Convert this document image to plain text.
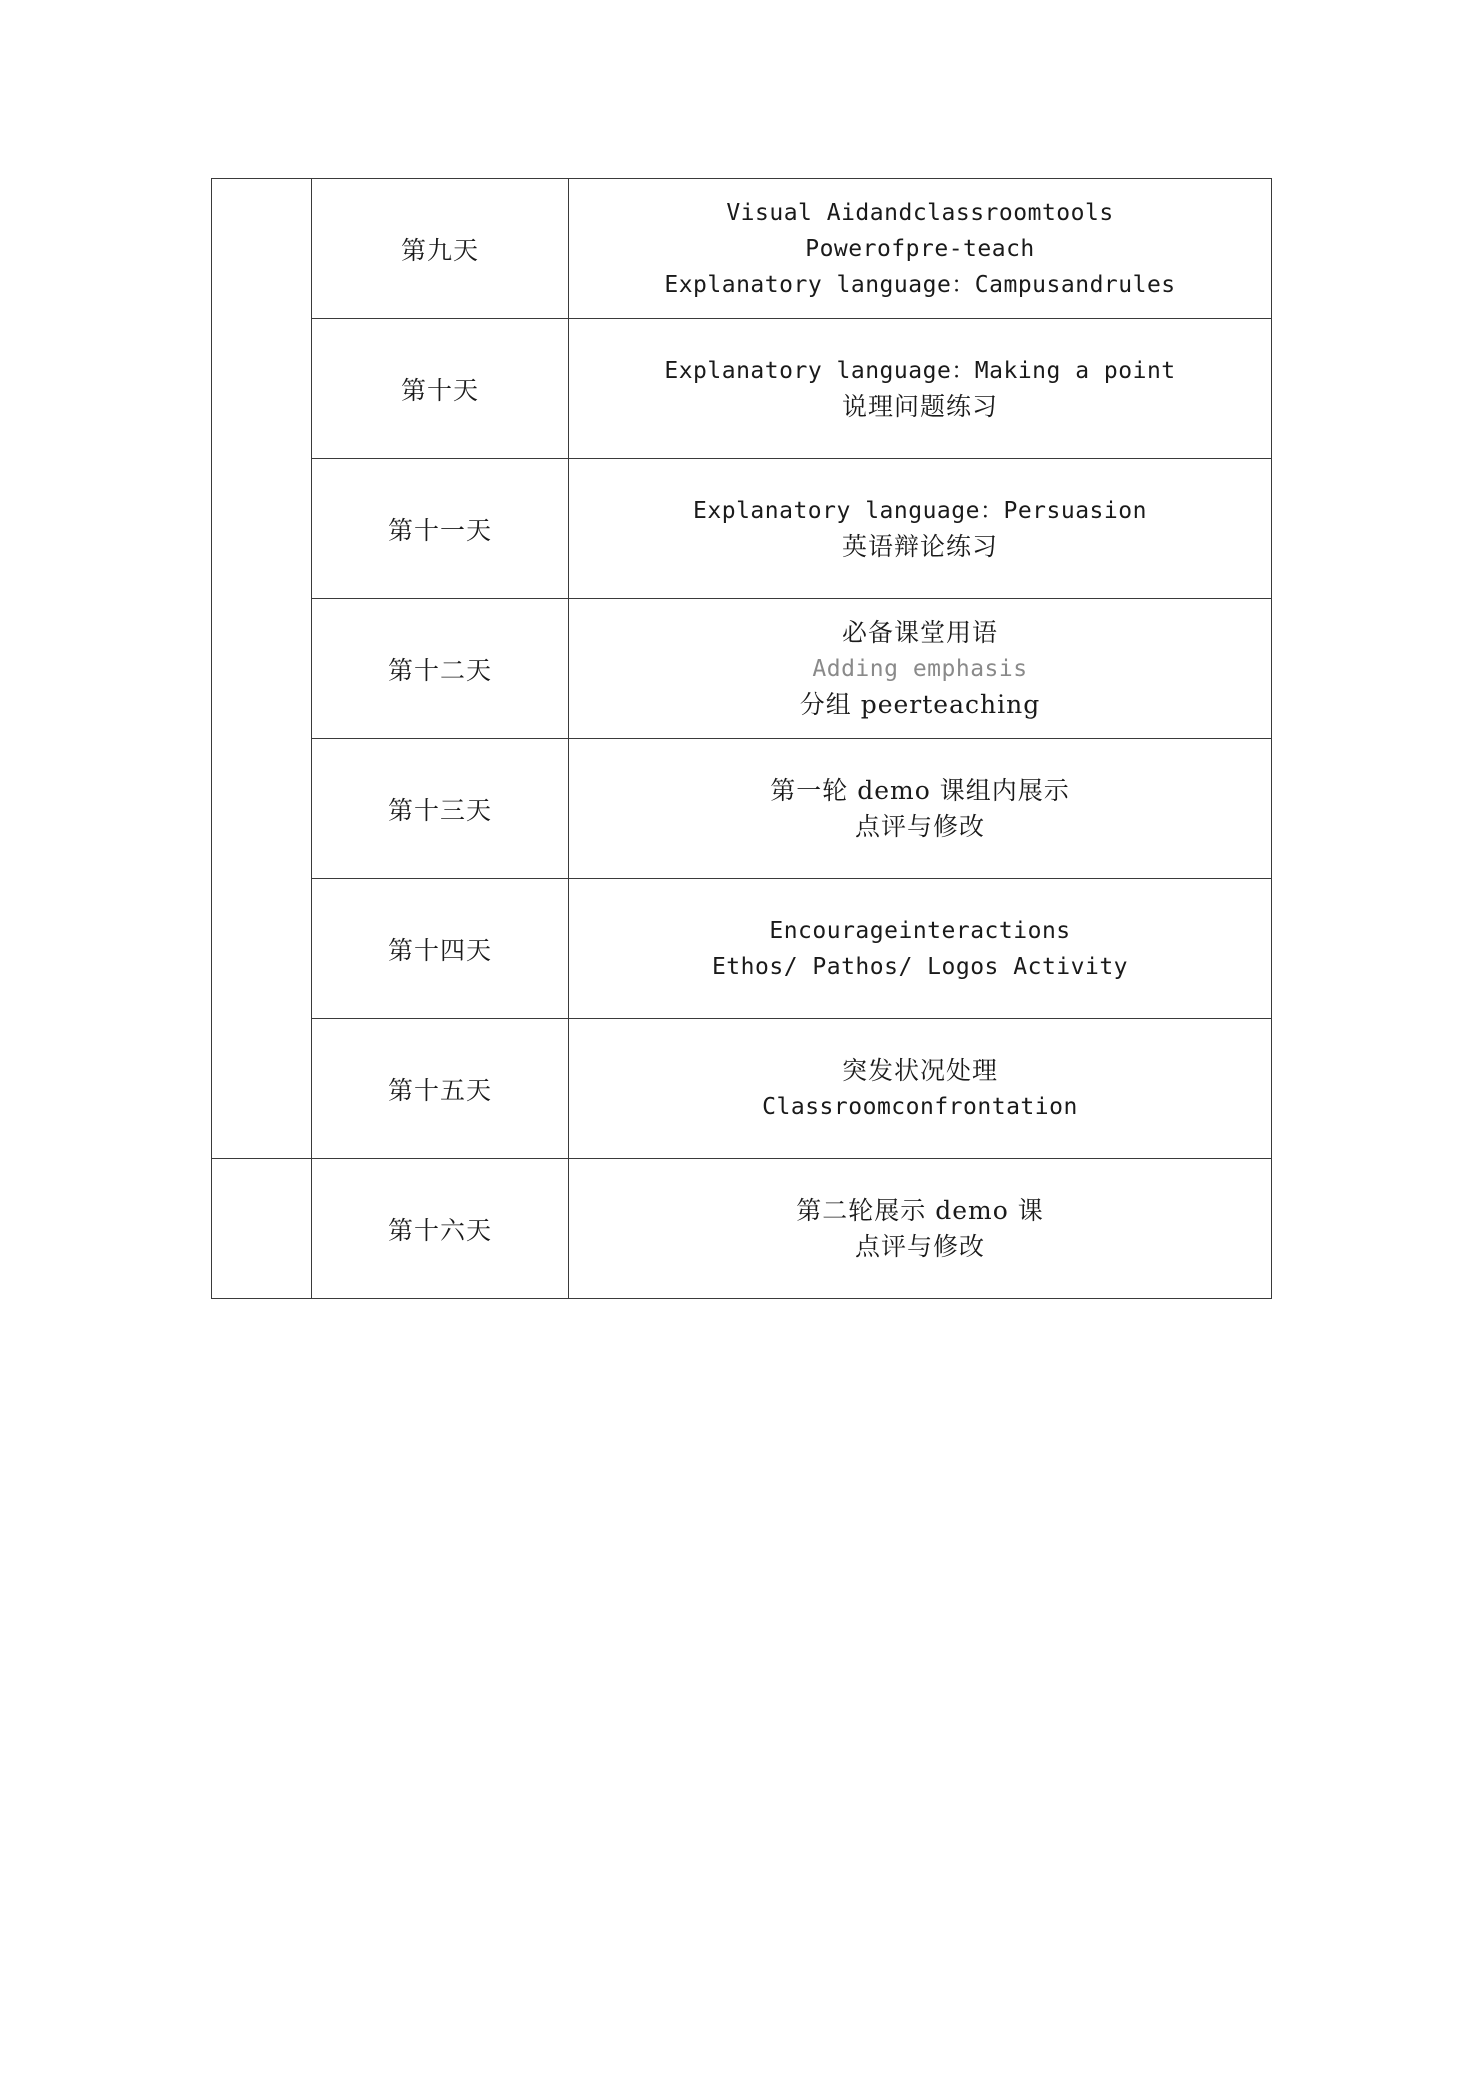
	第九天	Visual Aidandclassroomtools
Powerofpre-teach
Explanatory language：Campusandrules

	第十天	Explanatory language：Making a point
说理问题练习

	第十一天	Explanatory language：Persuasion
英语辩论练习

	第十二天	必备课堂用语
Adding emphasis
分组 peerteaching

	第十三天	第一轮 demo 课组内展示
点评与修改

	第十四天	Encourageinteractions
Ethos/ Pathos/ Logos Activity

	第十五天	突发状况处理
Classroomconfrontation

	第十六天	第二轮展示 demo 课
点评与修改
